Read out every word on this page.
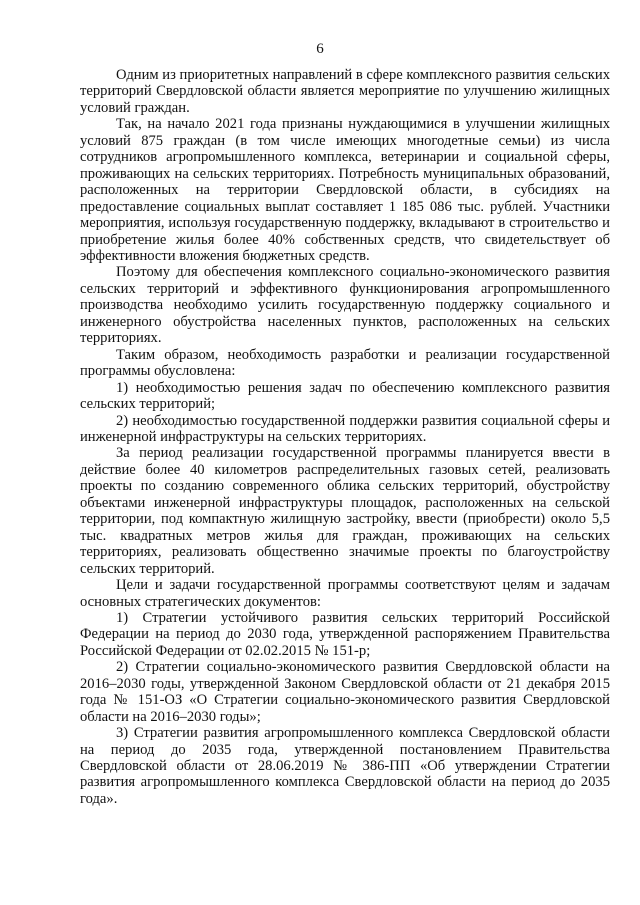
6

Одним из приоритетных направлений в сфере комплексного развития сельских территорий Свердловской области является мероприятие по улучшению жилищных условий граждан.

Так, на начало 2021 года признаны нуждающимися в улучшении жилищных условий 875 граждан (в том числе имеющих многодетные семьи) из числа сотрудников агропромышленного комплекса, ветеринарии и социальной сферы, проживающих на сельских территориях. Потребность муниципальных образований, расположенных на территории Свердловской области, в субсидиях на предоставление социальных выплат составляет 1 185 086 тыс. рублей. Участники мероприятия, используя государственную поддержку, вкладывают в строительство и приобретение жилья более 40% собственных средств, что свидетельствует об эффективности вложения бюджетных средств.

Поэтому для обеспечения комплексного социально-экономического развития сельских территорий и эффективного функционирования агропромышленного производства необходимо усилить государственную поддержку социального и инженерного обустройства населенных пунктов, расположенных на сельских территориях.

Таким образом, необходимость разработки и реализации государственной программы обусловлена:

1) необходимостью решения задач по обеспечению комплексного развития сельских территорий;

2) необходимостью государственной поддержки развития социальной сферы и инженерной инфраструктуры на сельских территориях.

За период реализации государственной программы планируется ввести в действие более 40 километров распределительных газовых сетей, реализовать проекты по созданию современного облика сельских территорий, обустройству объектами инженерной инфраструктуры площадок, расположенных на сельской территории, под компактную жилищную застройку, ввести (приобрести) около 5,5 тыс. квадратных метров жилья для граждан, проживающих на сельских территориях, реализовать общественно значимые проекты по благоустройству сельских территорий.

Цели и задачи государственной программы соответствуют целям и задачам основных стратегических документов:

1) Стратегии устойчивого развития сельских территорий Российской Федерации на период до 2030 года, утвержденной распоряжением Правительства Российской Федерации от 02.02.2015 № 151-р;

2) Стратегии социально-экономического развития Свердловской области на 2016–2030 годы, утвержденной Законом Свердловской области от 21 декабря 2015 года № 151-ОЗ «О Стратегии социально-экономического развития Свердловской области на 2016–2030 годы»;

3) Стратегии развития агропромышленного комплекса Свердловской области на период до 2035 года, утвержденной постановлением Правительства Свердловской области от 28.06.2019 № 386-ПП «Об утверждении Стратегии развития агропромышленного комплекса Свердловской области на период до 2035 года».
